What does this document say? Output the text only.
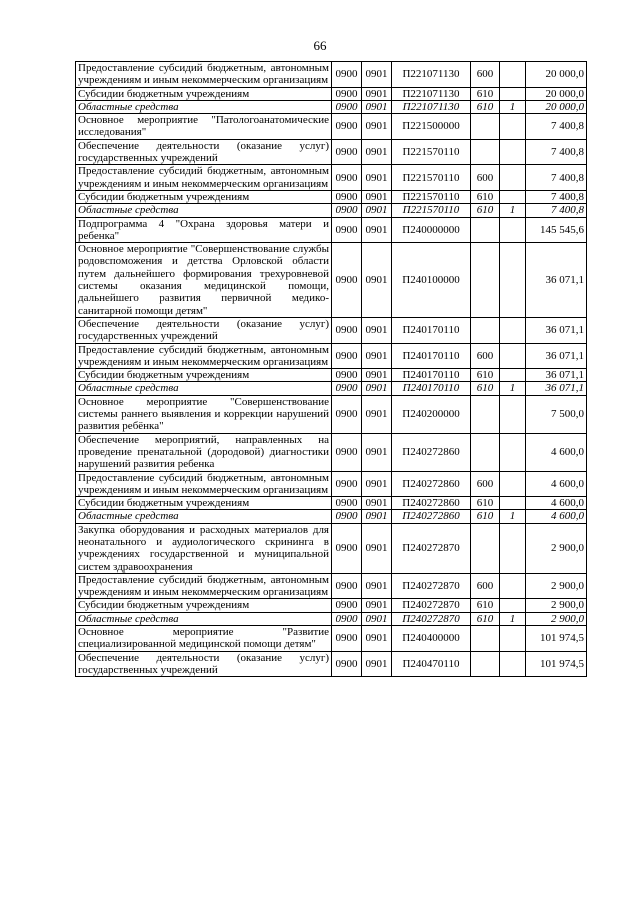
66
Предоставление субсидий бюджетным, автономным учреждениям и иным некоммерческим организациям	0900	0901	П221071130	600		20 000,0
Субсидии бюджетным учреждениям	0900	0901	П221071130	610		20 000,0
Областные средства	0900	0901	П221071130	610	1	20 000,0
Основное мероприятие "Патологоанатомические исследования"	0900	0901	П221500000			7 400,8
Обеспечение деятельности (оказание услуг) государственных учреждений	0900	0901	П221570110			7 400,8
Предоставление субсидий бюджетным, автономным учреждениям и иным некоммерческим организациям	0900	0901	П221570110	600		7 400,8
Субсидии бюджетным учреждениям	0900	0901	П221570110	610		7 400,8
Областные средства	0900	0901	П221570110	610	1	7 400,8
Подпрограмма 4 "Охрана здоровья матери и ребенка"	0900	0901	П240000000			145 545,6
Основное мероприятие "Совершенствование службы родовспоможения и детства Орловской области путем дальнейшего формирования трехуровневой системы оказания медицинской помощи, дальнейшего развития первичной медико-санитарной помощи детям"	0900	0901	П240100000			36 071,1
Обеспечение деятельности (оказание услуг) государственных учреждений	0900	0901	П240170110			36 071,1
Предоставление субсидий бюджетным, автономным учреждениям и иным некоммерческим организациям	0900	0901	П240170110	600		36 071,1
Субсидии бюджетным учреждениям	0900	0901	П240170110	610		36 071,1
Областные средства	0900	0901	П240170110	610	1	36 071,1
Основное мероприятие "Совершенствование системы раннего выявления и коррекции нарушений развития ребёнка"	0900	0901	П240200000			7 500,0
Обеспечение мероприятий, направленных на проведение пренатальной (дородовой) диагностики нарушений развития ребенка	0900	0901	П240272860			4 600,0
Предоставление субсидий бюджетным, автономным учреждениям и иным некоммерческим организациям	0900	0901	П240272860	600		4 600,0
Субсидии бюджетным учреждениям	0900	0901	П240272860	610		4 600,0
Областные средства	0900	0901	П240272860	610	1	4 600,0
Закупка оборудования и расходных материалов для неонатального и аудиологического скрининга в учреждениях государственной и муниципальной систем здравоохранения	0900	0901	П240272870			2 900,0
Предоставление субсидий бюджетным, автономным учреждениям и иным некоммерческим организациям	0900	0901	П240272870	600		2 900,0
Субсидии бюджетным учреждениям	0900	0901	П240272870	610		2 900,0
Областные средства	0900	0901	П240272870	610	1	2 900,0
Основное мероприятие "Развитие специализированной медицинской помощи детям"	0900	0901	П240400000			101 974,5
Обеспечение деятельности (оказание услуг) государственных учреждений	0900	0901	П240470110			101 974,5
